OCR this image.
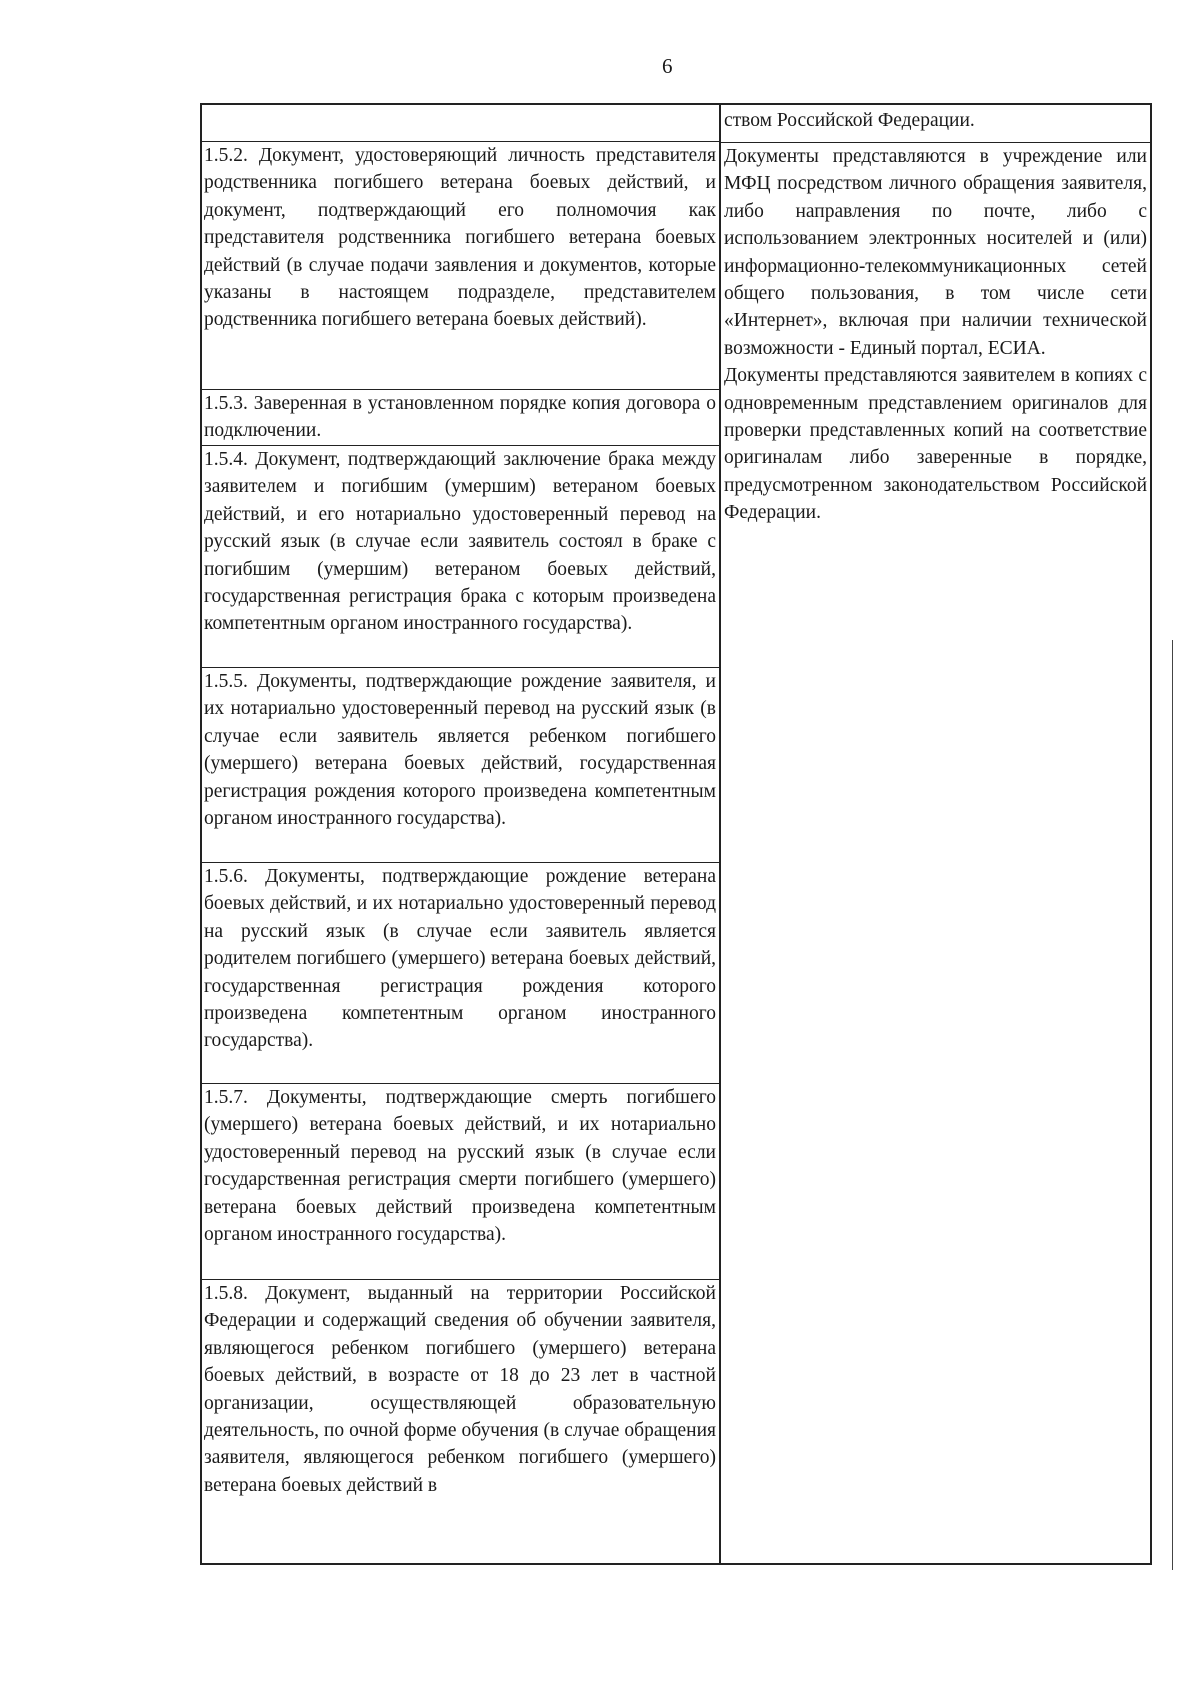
6
ством Российской Федерации.
1.5.2. Документ, удостоверяющий личность представителя родственника погибшего ветерана боевых действий, и документ, подтверждающий его полномочия как представителя родственника погибшего ветерана боевых действий (в случае подачи заявления и документов, которые указаны в настоящем подразделе, представителем родственника погибшего ветерана боевых действий).
1.5.3. Заверенная в установленном порядке копия договора о подключении.
1.5.4. Документ, подтверждающий заключение брака между заявителем и погибшим (умершим) ветераном боевых действий, и его нотариально удостоверенный перевод на русский язык (в случае если заявитель состоял в браке с погибшим (умершим) ветераном боевых действий, государственная регистрация брака с которым произведена компетентным органом иностранного государства).
1.5.5. Документы, подтверждающие рождение заявителя, и их нотариально удостоверенный перевод на русский язык (в случае если заявитель является ребенком погибшего (умершего) ветерана боевых действий, государственная регистрация рождения которого произведена компетентным органом иностранного государства).
1.5.6. Документы, подтверждающие рождение ветерана боевых действий, и их нотариально удостоверенный перевод на русский язык (в случае если заявитель является родителем погибшего (умершего) ветерана боевых действий, государственная регистрация рождения которого произведена компетентным органом иностранного государства).
1.5.7. Документы, подтверждающие смерть погибшего (умершего) ветерана боевых действий, и их нотариально удостоверенный перевод на русский язык (в случае если государственная регистрация смерти погибшего (умершего) ветерана боевых действий произведена компетентным органом иностранного государства).
1.5.8. Документ, выданный на территории Российской Федерации и содержащий сведения об обучении заявителя, являющегося ребенком погибшего (умершего) ветерана боевых действий, в возрасте от 18 до 23 лет в частной организации, осуществляющей образовательную деятельность, по очной форме обучения (в случае обращения заявителя, являющегося ребенком погибшего (умершего) ветерана боевых действий в

Документы представляются в учреждение или МФЦ посредством личного обращения заявителя, либо направления по почте, либо с использованием электронных носителей и (или) информационно-телекоммуникационных сетей общего пользования, в том числе сети «Интернет», включая при наличии технической возможности - Единый портал, ЕСИА.

Документы представляются заявителем в копиях с одновременным представлением оригиналов для проверки представленных копий на соответствие оригиналам либо заверенные в порядке, предусмотренном законодательством Российской Федерации.
